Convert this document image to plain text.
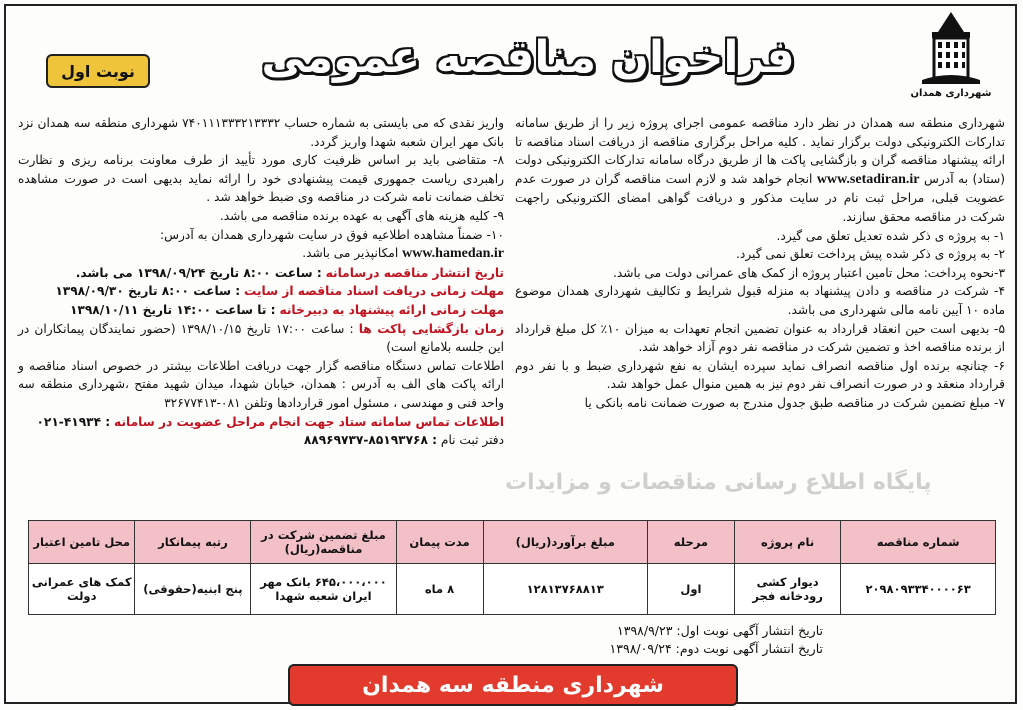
نوبت اول	فراخوان مناقصه عمومی
شهرداری همدان

شهرداری منطقه سه همدان در نظر دارد مناقصه عمومی اجرای پروژه زیر را از طریق سامانه تدارکات الکترونیکی دولت برگزار نماید . کلیه مراحل برگزاری مناقصه از دریافت اسناد مناقصه تا ارائه پیشنهاد مناقصه گران و بازگشایی پاکت ها از طریق درگاه سامانه تدارکات الکترونیکی دولت (ستاد) به آدرس www.setadiran.ir انجام خواهد شد و لازم است مناقصه گران در صورت عدم عضویت قبلی، مراحل ثبت نام در سایت مذکور و دریافت گواهی امضای الکترونیکی راجهت شرکت در مناقصه محقق سازند.

۱- به پروژه ی ذکر شده تعدیل تعلق می گیرد.

۲- به پروژه ی ذکر شده پیش پرداخت تعلق نمی گیرد.

۳-نحوه پرداخت: محل تامین اعتبار پروژه از کمک های عمرانی دولت می باشد.

۴- شرکت در مناقصه و دادن پیشنهاد به منزله قبول شرایط و تکالیف شهرداری همدان موضوع ماده ۱۰ آیین نامه مالی شهرداری می باشد.

۵- بدیهی است حین انعقاد قرارداد به عنوان تضمین انجام تعهدات به میزان ۱۰٪ کل مبلغ قرارداد از برنده مناقصه اخذ و تضمین شرکت در مناقصه نفر دوم آزاد خواهد شد.

۶- چنانچه برنده اول مناقصه انصراف نماید سپرده ایشان به نفع شهرداری ضبط و با نفر دوم قرارداد منعقد و در صورت انصراف نفر دوم نیز به همین منوال عمل خواهد شد.

۷- مبلغ تضمین شرکت در مناقصه طبق جدول مندرج به صورت ضمانت نامه بانکی یا

واریز نقدی که می بایستی به شماره حساب ۷۴۰۱۱۱۳۳۳۲۱۳۳۳۲ شهرداری منطقه سه همدان نزد بانک مهر ایران شعبه شهدا واریز گردد.

۸- متقاضی باید بر اساس ظرفیت کاری مورد تأیید از طرف معاونت برنامه ریزی و نظارت راهبردی ریاست جمهوری قیمت پیشنهادی خود را ارائه نماید بدیهی است در صورت مشاهده تخلف ضمانت نامه شرکت در مناقصه وی ضبط خواهد شد .

۹- کلیه هزینه های آگهی به عهده برنده مناقصه می باشد.

۱۰- ضمناً مشاهده اطلاعیه فوق در سایت شهرداری همدان به آدرس:

www.hamedan.ir امکانپذیر می باشد.

تاریخ انتشار مناقصه درسامانه : ساعت ۸:۰۰ تاریخ ۱۳۹۸/۰۹/۲۴ می باشد.

مهلت زمانی دریافت اسناد مناقصه از سایت : ساعت ۸:۰۰ تاریخ ۱۳۹۸/۰۹/۳۰

مهلت زمانی ارائه پیشنهاد به دبیرخانه : تا ساعت ۱۴:۰۰ تاریخ ۱۳۹۸/۱۰/۱۱

زمان بازگشایی پاکت ها : ساعت ۱۷:۰۰ تاریخ ۱۳۹۸/۱۰/۱۵ (حضور نمایندگان پیمانکاران در این جلسه بلامانع است)

اطلاعات تماس دستگاه مناقصه گزار جهت دریافت اطلاعات بیشتر در خصوص اسناد مناقصه و ارائه پاکت های الف به آدرس : همدان، خیابان شهدا، میدان شهید مفتح ،شهرداری منطقه سه واحد فنی و مهندسی ، مسئول امور قراردادها وتلفن ۰۸۱-۳۲۶۷۷۴۱۳

اطلاعات تماس سامانه ستاد جهت انجام مراحل عضویت در سامانه : ۴۱۹۳۴-۰۲۱

دفتر ثبت نام : ۸۵۱۹۳۷۶۸-۸۸۹۶۹۷۳۷

پایگاه اطلاع رسانی مناقصات و مزایدات
شماره مناقصه	نام پروژه	مرحله	مبلغ برآورد(ریال)	مدت پیمان	مبلغ تضمین شرکت در مناقصه(ریال)	رتبه پیمانکار	محل تامین اعتبار
۲۰۹۸۰۹۳۳۴۰۰۰۰۶۳	دیوار کشی رودخانه فجر	اول	۱۲۸۱۳۷۶۸۸۱۳	۸ ماه	۶۴۵،۰۰۰،۰۰۰ بانک مهر ایران شعبه شهدا	پنج ابنیه(حقوقی)	کمک های عمرانی دولت
تاریخ انتشار آگهی نوبت اول: ۱۳۹۸/۹/۲۳
تاریخ انتشار آگهی نوبت دوم: ۱۳۹۸/۰۹/۲۴
شهرداری منطقه سه همدان
